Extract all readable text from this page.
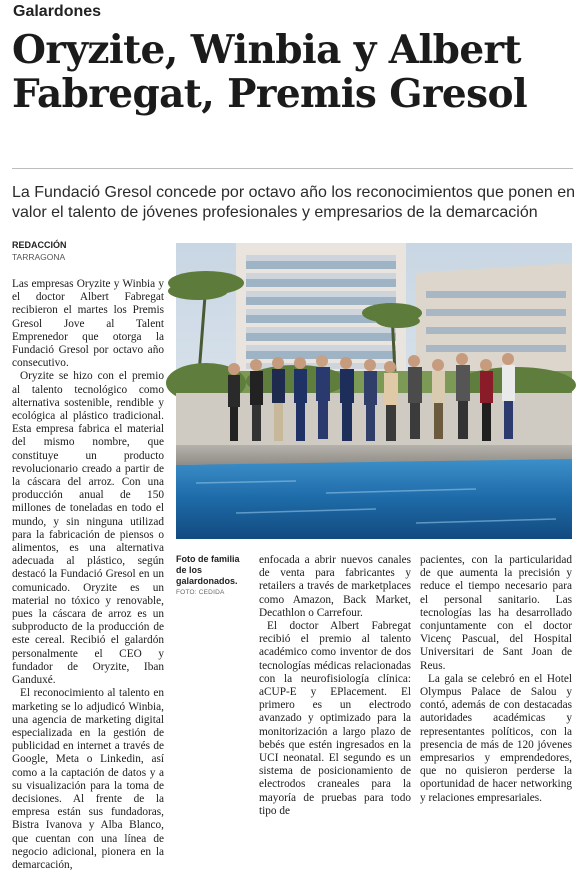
Galardones
Oryzite, Winbia y Albert Fabregat, Premis Gresol
La Fundació Gresol concede por octavo año los reconocimientos que ponen en valor el talento de jóvenes profesionales y empresarios de la demarcación
REDACCIÓN
TARRAGONA

Las empresas Oryzite y Winbia y el doctor Albert Fabregat recibieron el martes los Premis Gresol Jove al Talent Emprenedor que otorga la Fundació Gresol por octavo año consecutivo.

Oryzite se hizo con el premio al talento tecnológico como alternativa sostenible, rendible y ecológica al plástico tradicional. Esta empresa fabrica el material del mismo nombre, que constituye un producto revolucionario creado a partir de la cáscara del arroz. Con una producción anual de 150 millones de toneladas en todo el mundo, y sin ninguna utilizad para la fabricación de piensos o alimentos, es una alternativa adecuada al plástico, según destacó la Fundació Gresol en un comunicado. Oryzite es un material no tóxico y renovable, pues la cáscara de arroz es un subproducto de la producción de este cereal. Recibió el galardón personalmente el CEO y fundador de Oryzite, Iban Ganduxé.

El reconocimiento al talento en marketing se lo adjudicó Winbia, una agencia de marketing digital especializada en la gestión de publicidad en internet a través de Google, Meta o Linkedin, así como a la captación de datos y a su visualización para la toma de decisiones. Al frente de la empresa están sus fundadoras, Bistra Ivanova y Alba Blanco, que cuentan con una línea de negocio adicional, pionera en la demarcación,

Foto de familia de los galardonados.
FOTO: CEDIDA

enfocada a abrir nuevos canales de venta para fabricantes y retailers a través de marketplaces como Amazon, Back Market, Decathlon o Carrefour.

El doctor Albert Fabregat recibió el premio al talento académico como inventor de dos tecnologías médicas relacionadas con la neurofisiología clínica: aCUP-E y EPlacement. El primero es un electrodo avanzado y optimizado para la monitorización a largo plazo de bebés que estén ingresados en la UCI neonatal. El segundo es un sistema de posicionamiento de electrodos craneales para la mayoría de pruebas para todo tipo de

pacientes, con la particularidad de que aumenta la precisión y reduce el tiempo necesario para el personal sanitario. Las tecnologías las ha desarrollado conjuntamente con el doctor Vicenç Pascual, del Hospital Universitari de Sant Joan de Reus.

La gala se celebró en el Hotel Olympus Palace de Salou y contó, además de con destacadas autoridades académicas y representantes políticos, con la presencia de más de 120 jóvenes empresarios y emprendedores, que no quisieron perderse la oportunidad de hacer networking y relaciones empresariales.
